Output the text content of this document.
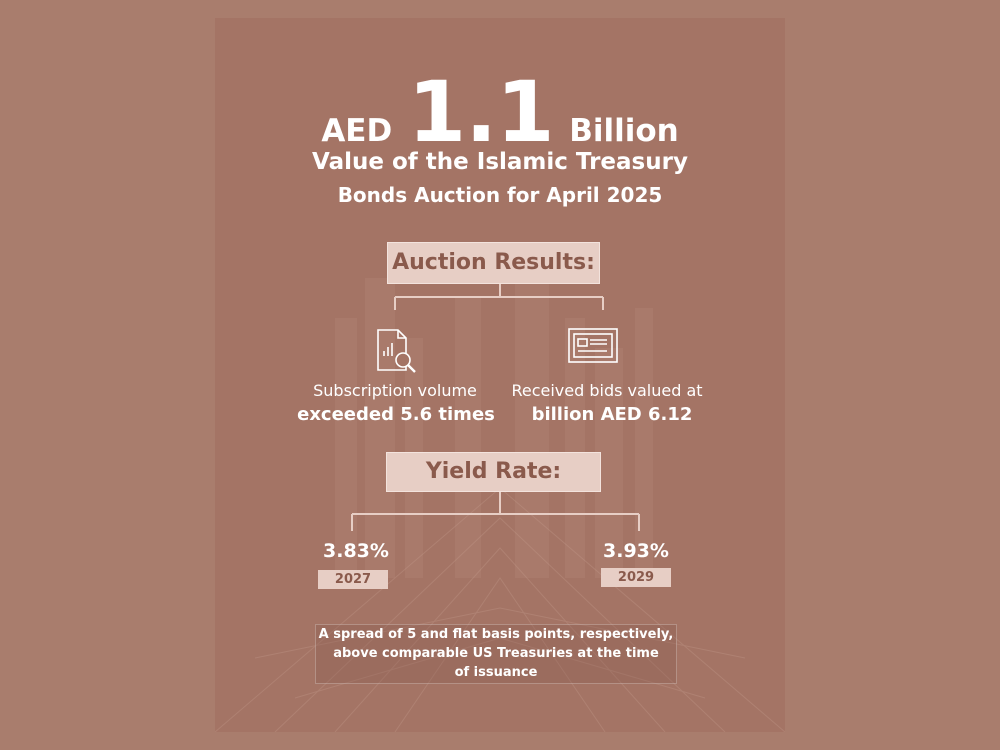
AED 1.1 Billion
Value of the Islamic Treasury
Bonds Auction for April 2025
Auction Results:
Subscription volume
exceeded 5.6 times
Received bids valued at
billion AED 6.12
Yield Rate:
3.83%
2027
3.93%
2029
A spread of 5 and flat basis points, respectively,
above comparable US Treasuries at the time
of issuance
